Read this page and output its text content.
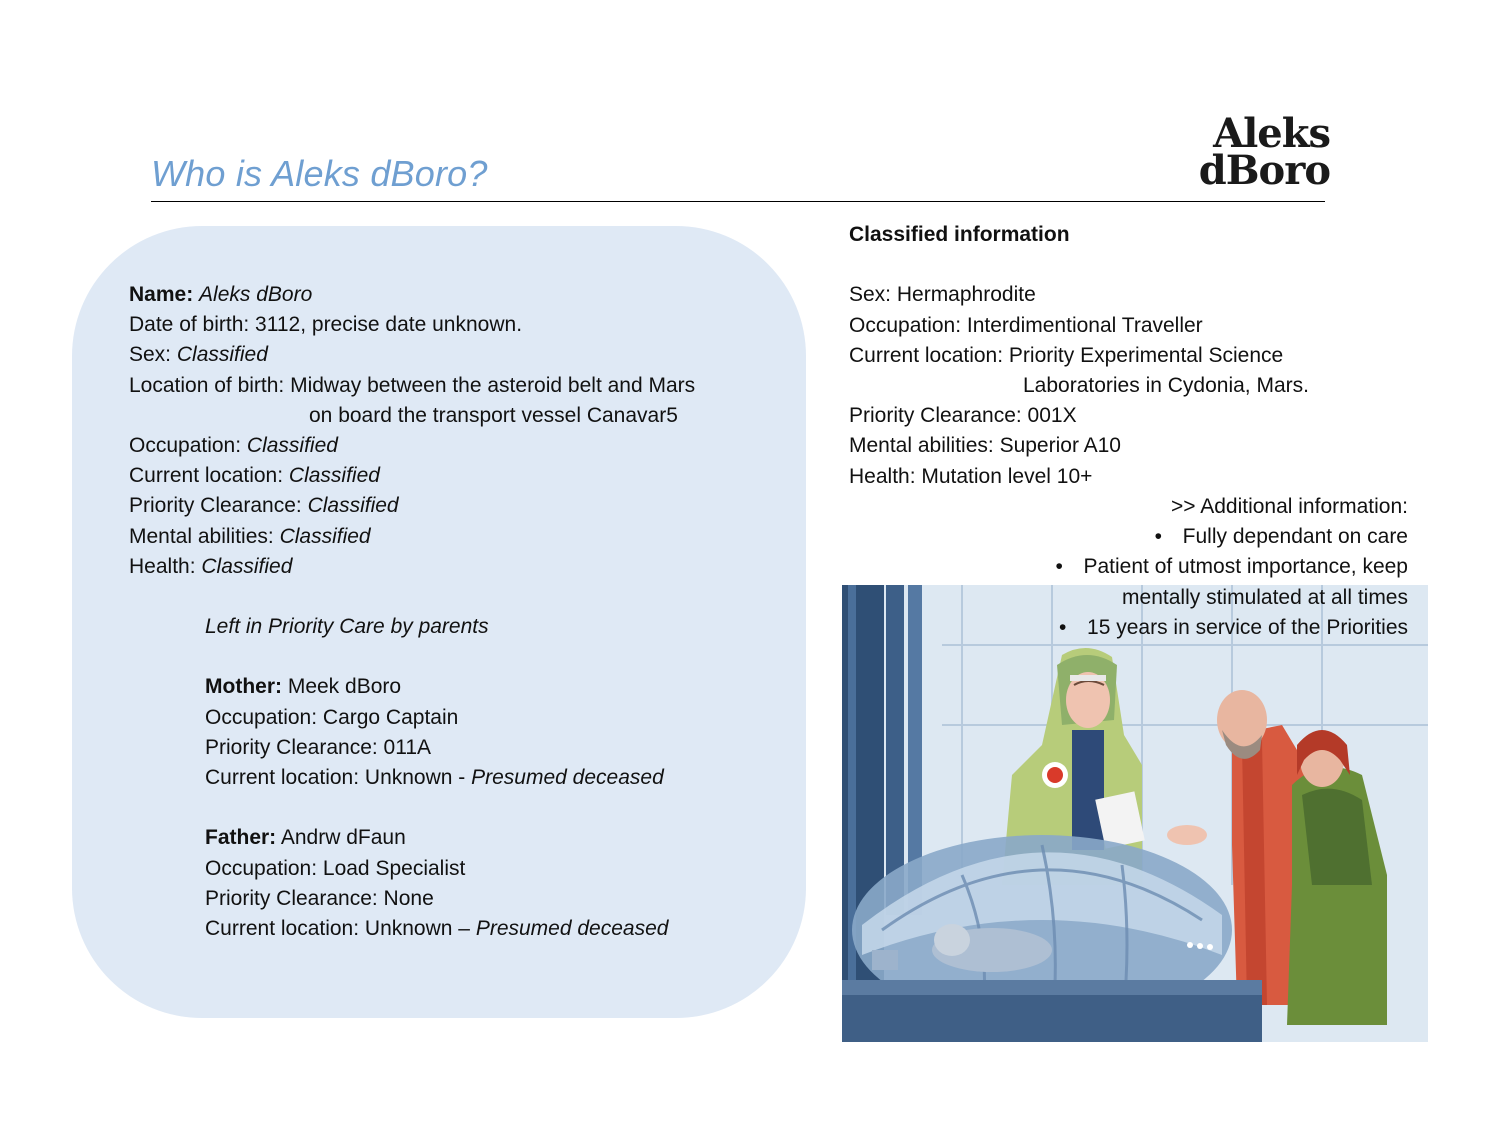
Who is Aleks dBoro?
Aleks
dBoro
Name: Aleks dBoro
Date of birth: 3112, precise date unknown.
Sex: Classified
Location of birth: Midway between the asteroid belt and Mars
on board the transport vessel Canavar5
Occupation: Classified
Current location: Classified
Priority Clearance: Classified
Mental abilities: Classified
Health: Classified
Left in Priority Care by parents

Mother: Meek dBoro
Occupation: Cargo Captain
Priority Clearance: 011A
Current location: Unknown - Presumed deceased

Father: Andrw dFaun
Occupation: Load Specialist
Priority Clearance: None
Current location: Unknown – Presumed deceased
Classified information

Sex: Hermaphrodite
Occupation: Interdimentional Traveller
Current location: Priority Experimental Science
Laboratories in Cydonia, Mars.
Priority Clearance: 001X
Mental abilities: Superior A10
Health: Mutation level 10+
>> Additional information:
• Fully dependant on care
• Patient of utmost importance, keep
mentally stimulated at all times
• 15 years in service of the Priorities
